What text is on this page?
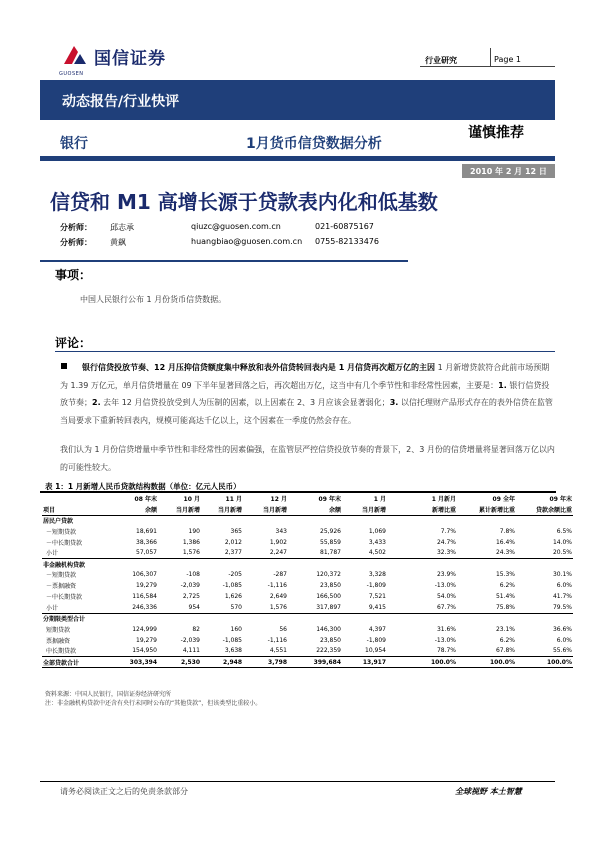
国信证券
GUOSEN
行业研究	Page 1
动态报告/行业快评
银行	1月货币信贷数据分析
谨慎推荐
2010 年 2 月 12 日
信贷和 M1 高增长源于贷款表内化和低基数
分析师： 邱志承	qiuzc@guosen.com.cn	021-60875167
分析师： 黄飙	huangbiao@guosen.com.cn 0755-82133476
事项：
中国人民银行公布 1 月份货币信贷数据。
评论：
银行信贷投放节奏、12 月压抑信贷额度集中释放和表外信贷转回表内是 1 月信贷再次超万亿的主因 1 月新增贷款符合此前市场预期为 1.39 万亿元，单月信贷增量在 09 下半年显著回落之后，再次超出万亿，这当中有几个季节性和非经常性因素，主要是：1. 银行信贷投放节奏；2. 去年 12 月信贷投放受到人为压制的因素，以上因素在 2、3 月应该会显著弱化；3. 以信托理财产品形式存在的表外信贷在监管当局要求下重新转回表内，规模可能高达千亿以上，这个因素在一季度仍然会存在。
我们认为 1 月份信贷增量中季节性和非经常性的因素偏强，在监管层严控信贷投放节奏的背景下，2、3 月份的信贷增量将显著回落万亿以内的可能性较大。
表 1：1 月新增人民币贷款结构数据（单位：亿元人民币）
	08 年末	10 月	11 月	12 月	09 年末	1 月		1 月新月	09 全年	09 年末
项目	余额	当月新增	当月新增	当月新增	余额	当月新增		新增比重	累计新增比重	贷款余额比重
居民户贷款										
－短期贷款	18,691	190	365	343	25,926	1,069		7.7%	7.8%	6.5%
－中长期贷款	38,366	1,386	2,012	1,902	55,859	3,433		24.7%	16.4%	14.0%
小计	57,057	1,576	2,377	2,247	81,787	4,502		32.3%	24.3%	20.5%
非金融机构贷款										
－短期贷款	106,307	-108	-205	-287	120,372	3,328		23.9%	15.3%	30.1%
－票据融资	19,279	-2,039	-1,085	-1,116	23,850	-1,809		-13.0%	6.2%	6.0%
－中长期贷款	116,584	2,725	1,626	2,649	166,500	7,521		54.0%	51.4%	41.7%
小计	246,336	954	570	1,576	317,897	9,415		67.7%	75.8%	79.5%
分期限类型合计										
短期贷款	124,999	82	160	56	146,300	4,397		31.6%	23.1%	36.6%
票据融资	19,279	-2,039	-1,085	-1,116	23,850	-1,809		-13.0%	6.2%	6.0%
中长期贷款	154,950	4,111	3,638	4,551	222,359	10,954		78.7%	67.8%	55.6%
全部贷款合计	303,394	2,530	2,948	3,798	399,684	13,917		100.0%	100.0%	100.0%
资料来源：中国人民银行，国信证券经济研究所
注：非金融机构贷款中还含有央行未同时公布的“其他贷款”，但该类型比重较小。
请务必阅读正文之后的免责条款部分	全球视野 本土智慧
